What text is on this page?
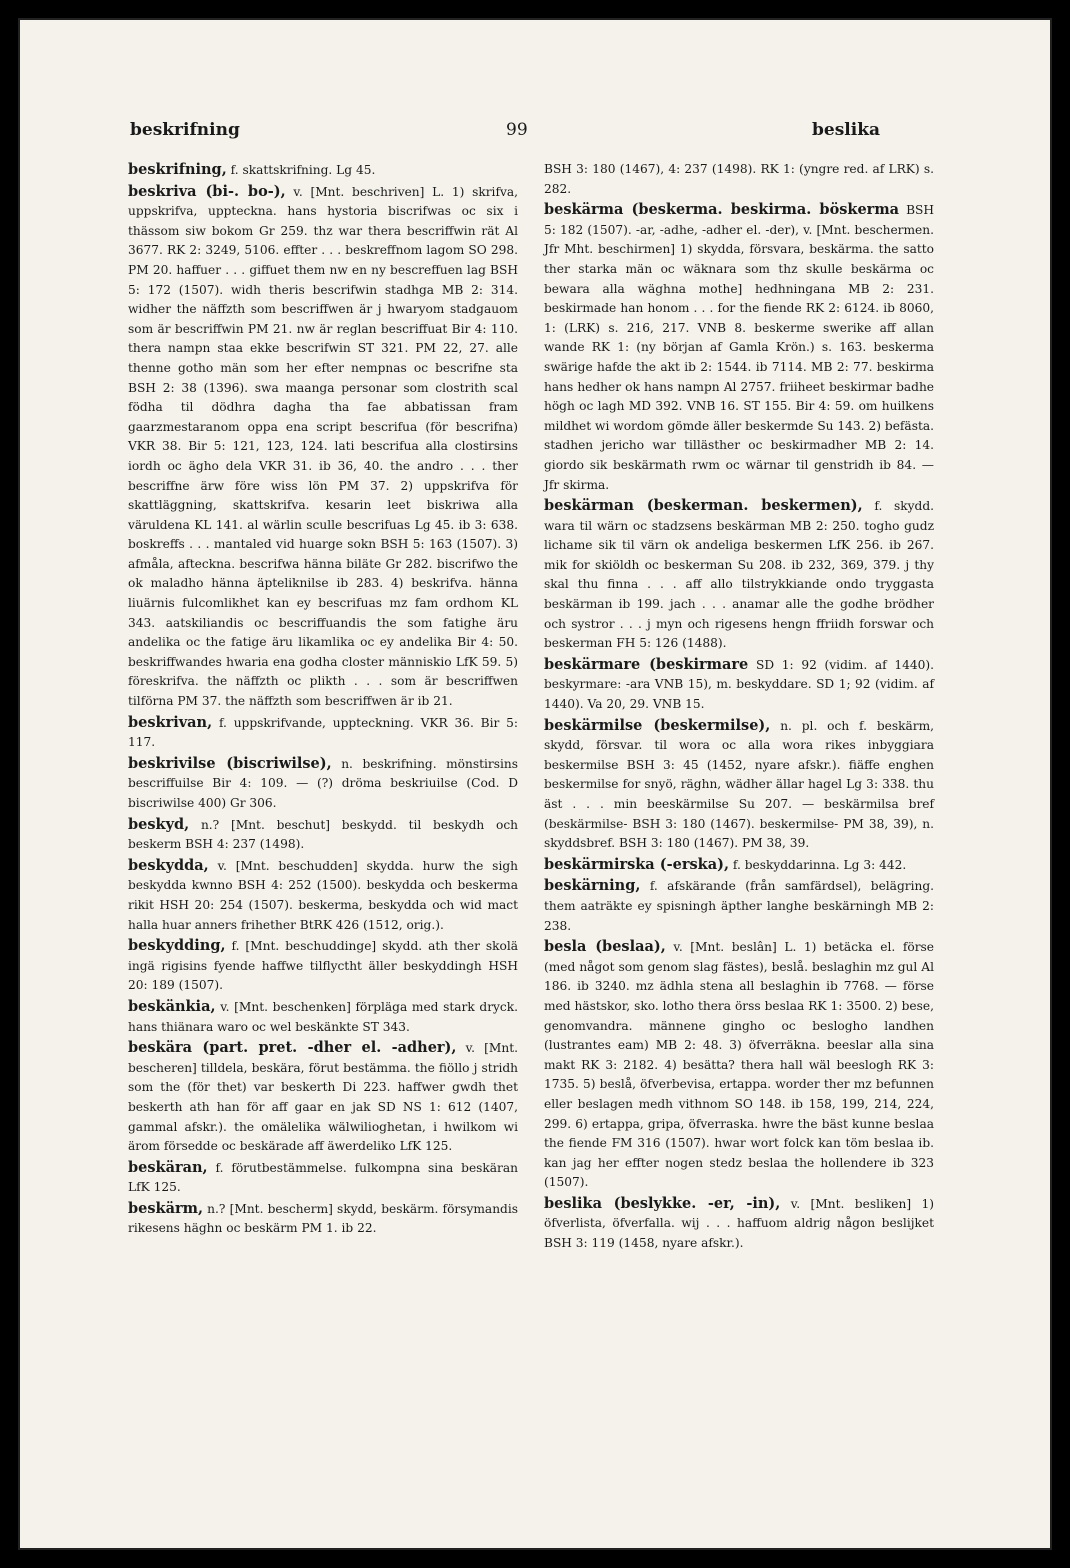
beskrifning	99	beslika

beskrifning, f. skattskrifning. Lg 45.

beskriva (bi-. bo-), v. [Mnt. beschriven] L. 1) skrifva, uppskrifva, uppteckna. hans hystoria biscrifwas oc six i thässom siw bokom Gr 259. thz war thera bescriffwin rät Al 3677. RK 2: 3249, 5106. effter . . . beskreffnom lagom SO 298. PM 20. haffuer . . . giffuet them nw en ny bescreffuen lag BSH 5: 172 (1507). widh theris bescrifwin stadhga MB 2: 314. widher the näffzth som bescriffwen är j hwaryom stadgauom som är bescriffwin PM 21. nw är reglan bescriffuat Bir 4: 110. thera nampn staa ekke bescrifwin ST 321. PM 22, 27. alle thenne gotho män som her efter nempnas oc bescrifne sta BSH 2: 38 (1396). swa maanga personar som clostrith scal födha til dödhra dagha tha fae abbatissan fram gaarzmestaranom oppa ena script bescrifua (för bescrifna) VKR 38. Bir 5: 121, 123, 124. lati bescrifua alla clostirsins iordh oc ägho dela VKR 31. ib 36, 40. the andro . . . ther bescriffne ärw före wiss lön PM 37. 2) uppskrifva för skattläggning, skattskrifva. kesarin leet biskriwa alla väruldena KL 141. al wärlin sculle bescrifuas Lg 45. ib 3: 638. boskreffs . . . mantaled vid huarge sokn BSH 5: 163 (1507). 3) afmåla, afteckna. bescrifwa hänna biläte Gr 282. biscrifwo the ok maladho hänna äpteliknilse ib 283. 4) beskrifva. hänna liuärnis fulcomlikhet kan ey bescrifuas mz fam ordhom KL 343. aatskiliandis oc bescriffuandis the som fatighe äru andelika oc the fatige äru likamlika oc ey andelika Bir 4: 50. beskriffwandes hwaria ena godha closter människio LfK 59. 5) föreskrifva. the näffzth oc plikth . . . som är bescriffwen tilförna PM 37. the näffzth som bescriffwen är ib 21.

beskrivan, f. uppskrifvande, uppteckning. VKR 36. Bir 5: 117.

beskrivilse (biscriwilse), n. beskrifning. mönstirsins bescriffuilse Bir 4: 109. — (?) dröma beskriuilse (Cod. D biscriwilse 400) Gr 306.

beskyd, n.? [Mnt. beschut] beskydd. til beskydh och beskerm BSH 4: 237 (1498).

beskydda, v. [Mnt. beschudden] skydda. hurw the sigh beskydda kwnno BSH 4: 252 (1500). beskydda och beskerma rikit HSH 20: 254 (1507). beskerma, beskydda och wid mact halla huar anners frihether BtRK 426 (1512, orig.).

beskydding, f. [Mnt. beschuddinge] skydd. ath ther skolä ingä rigisins fyende haffwe tilflyctht äller beskyddingh HSH 20: 189 (1507).

beskänkia, v. [Mnt. beschenken] förpläga med stark dryck. hans thiänara waro oc wel beskänkte ST 343.

beskära (part. pret. -dher el. -adher), v. [Mnt. bescheren] tilldela, beskära, förut bestämma. the fiöllo j stridh som the (för thet) var beskerth Di 223. haffwer gwdh thet beskerth ath han för aff gaar en jak SD NS 1: 612 (1407, gammal afskr.). the omälelika wälwilioghetan, i hwilkom wi ärom försedde oc beskärade aff äwerdeliko LfK 125.

beskäran, f. förutbestämmelse. fulkompna sina beskäran LfK 125.

beskärm, n.? [Mnt. bescherm] skydd, beskärm. försymandis rikesens häghn oc beskärm PM 1. ib 22.

BSH 3: 180 (1467), 4: 237 (1498). RK 1: (yngre red. af LRK) s. 282.

beskärma (beskerma. beskirma. böskerma BSH 5: 182 (1507). -ar, -adhe, -adher el. -der), v. [Mnt. beschermen. Jfr Mht. beschirmen] 1) skydda, försvara, beskärma. the satto ther starka män oc wäknara som thz skulle beskärma oc bewara alla wäghna mothe] hedhningana MB 2: 231. beskirmade han honom . . . for the fiende RK 2: 6124. ib 8060, 1: (LRK) s. 216, 217. VNB 8. beskerme swerike aff allan wande RK 1: (ny början af Gamla Krön.) s. 163. beskerma swärige hafde the akt ib 2: 1544. ib 7114. MB 2: 77. beskirma hans hedher ok hans nampn Al 2757. friiheet beskirmar badhe högh oc lagh MD 392. VNB 16. ST 155. Bir 4: 59. om huilkens mildhet wi wordom gömde äller beskermde Su 143. 2) befästa. stadhen jericho war tillästher oc beskirmadher MB 2: 14. giordo sik beskärmath rwm oc wärnar til genstridh ib 84. — Jfr skirma.

beskärman (beskerman. beskermen), f. skydd. wara til wärn oc stadzsens beskärman MB 2: 250. togho gudz lichame sik til värn ok andeliga beskermen LfK 256. ib 267. mik for skiöldh oc beskerman Su 208. ib 232, 369, 379. j thy skal thu finna . . . aff allo tilstrykkiande ondo tryggasta beskärman ib 199. jach . . . anamar alle the godhe brödher och systror . . . j myn och rigesens hengn ffriidh forswar och beskerman FH 5: 126 (1488).

beskärmare (beskirmare SD 1: 92 (vidim. af 1440). beskyrmare: -ara VNB 15), m. beskyddare. SD 1; 92 (vidim. af 1440). Va 20, 29. VNB 15.

beskärmilse (beskermilse), n. pl. och f. beskärm, skydd, försvar. til wora oc alla wora rikes inbyggiara beskermilse BSH 3: 45 (1452, nyare afskr.). fiäffe enghen beskermilse for snyö, räghn, wädher ällar hagel Lg 3: 338. thu äst . . . min beeskärmilse Su 207. — beskärmilsa bref (beskärmilse- BSH 3: 180 (1467). beskermilse- PM 38, 39), n. skyddsbref. BSH 3: 180 (1467). PM 38, 39.

beskärmirska (-erska), f. beskyddarinna. Lg 3: 442.

beskärning, f. afskärande (från samfärdsel), belägring. them aaträkte ey spisningh äpther langhe beskärningh MB 2: 238.

besla (beslaa), v. [Mnt. beslân] L. 1) betäcka el. förse (med något som genom slag fästes), beslå. beslaghin mz gul Al 186. ib 3240. mz ädhla stena all beslaghin ib 7768. — förse med hästskor, sko. lotho thera örss beslaa RK 1: 3500. 2) bese, genomvandra. männene gingho oc beslogho landhen (lustrantes eam) MB 2: 48. 3) öfverräkna. beeslar alla sina makt RK 3: 2182. 4) besätta? thera hall wäl beeslogh RK 3: 1735. 5) beslå, öfverbevisa, ertappa. worder ther mz befunnen eller beslagen medh vithnom SO 148. ib 158, 199, 214, 224, 299. 6) ertappa, gripa, öfverraska. hwre the bäst kunne beslaa the fiende FM 316 (1507). hwar wort folck kan töm beslaa ib. kan jag her effter nogen stedz beslaa the hollendere ib 323 (1507).

beslika (beslykke. -er, -in), v. [Mnt. besliken] 1) öfverlista, öfverfalla. wij . . . haffuom aldrig någon beslijket BSH 3: 119 (1458, nyare afskr.).
